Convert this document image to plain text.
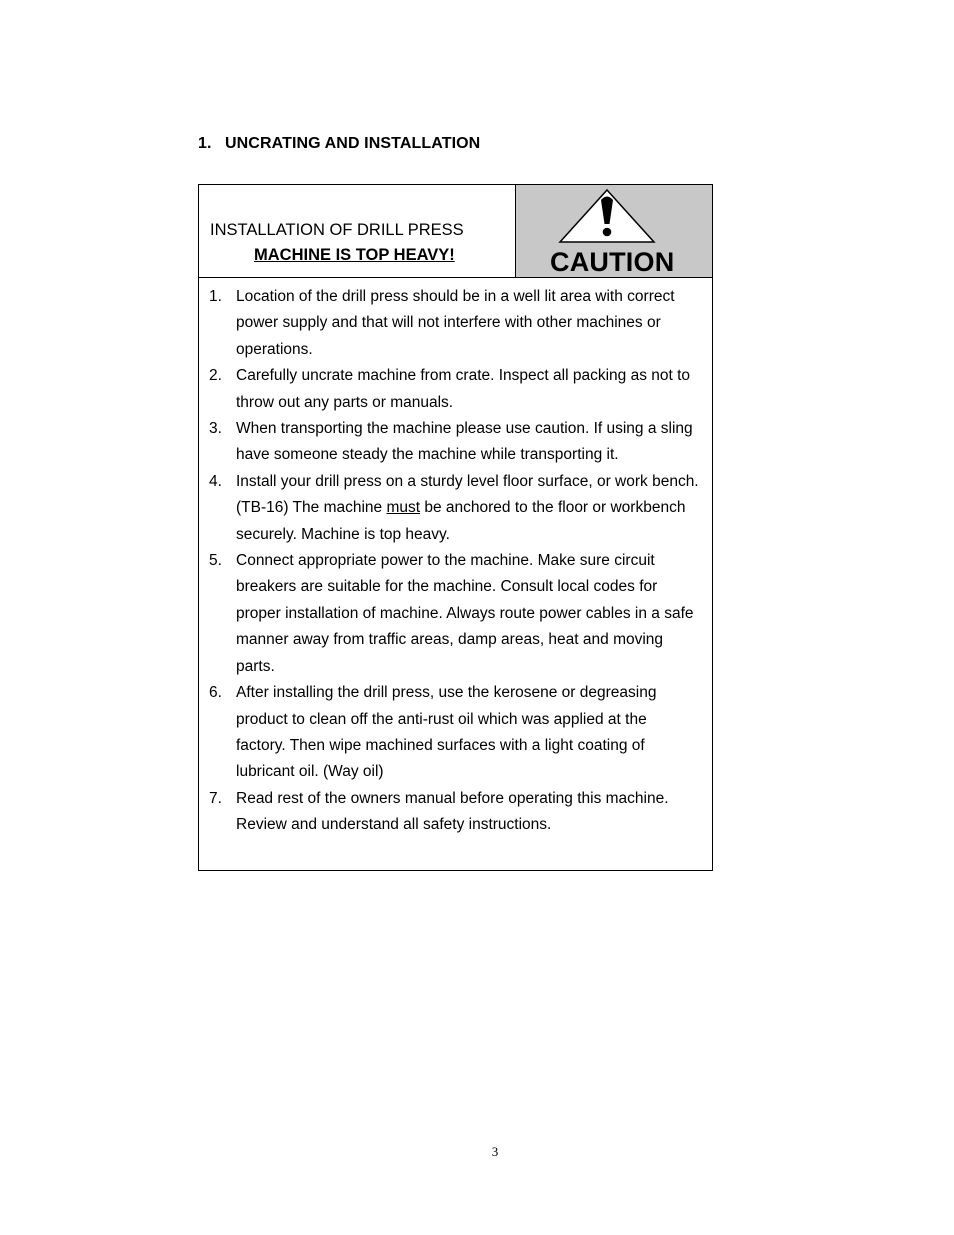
1. UNCRATING AND INSTALLATION
INSTALLATION OF DRILL PRESS
MACHINE IS TOP HEAVY!	CAUTION
1. Location of the drill press should be in a well lit area with correct power supply and that will not interfere with other machines or operations.
2. Carefully uncrate machine from crate. Inspect all packing as not to throw out any parts or manuals.
3. When transporting the machine please use caution. If using a sling have someone steady the machine while transporting it.
4. Install your drill press on a sturdy level floor surface, or work bench. (TB-16) The machine must be anchored to the floor or workbench securely. Machine is top heavy.
5. Connect appropriate power to the machine. Make sure circuit breakers are suitable for the machine. Consult local codes for proper installation of machine. Always route power cables in a safe manner away from traffic areas, damp areas, heat and moving parts.
6. After installing the drill press, use the kerosene or degreasing product to clean off the anti-rust oil which was applied at the factory. Then wipe machined surfaces with a light coating of lubricant oil. (Way oil)
7. Read rest of the owners manual before operating this machine. Review and understand all safety instructions.
3
